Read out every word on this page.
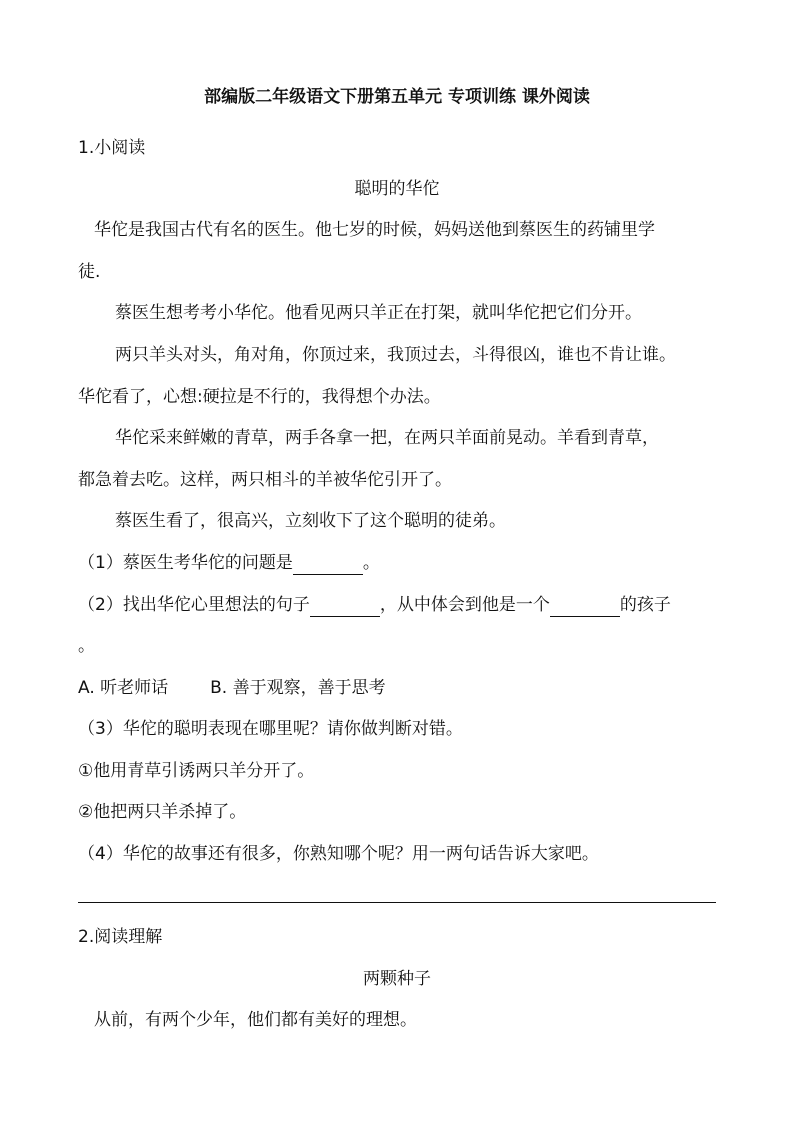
部编版二年级语文下册第五单元 专项训练 课外阅读
1.小阅读
聪明的华佗
华佗是我国古代有名的医生。他七岁的时候，妈妈送他到蔡医生的药铺里学
徒.
蔡医生想考考小华佗。他看见两只羊正在打架，就叫华佗把它们分开。
两只羊头对头，角对角，你顶过来，我顶过去，斗得很凶，谁也不肯让谁。
华佗看了，心想:硬拉是不行的，我得想个办法。
华佗采来鲜嫩的青草，两手各拿一把，在两只羊面前晃动。羊看到青草，
都急着去吃。这样，两只相斗的羊被华佗引开了。
蔡医生看了，很高兴，立刻收下了这个聪明的徒弟。
（1）蔡医生考华佗的问题是	。
（2）找出华佗心里想法的句子	，从中体会到他是一个	的孩子
。
A. 听老师话 B. 善于观察，善于思考
（3）华佗的聪明表现在哪里呢？请你做判断对错。
①他用青草引诱两只羊分开了。
②他把两只羊杀掉了。
（4）华佗的故事还有很多，你熟知哪个呢？用一两句话告诉大家吧。
2.阅读理解
两颗种子
从前，有两个少年，他们都有美好的理想。
